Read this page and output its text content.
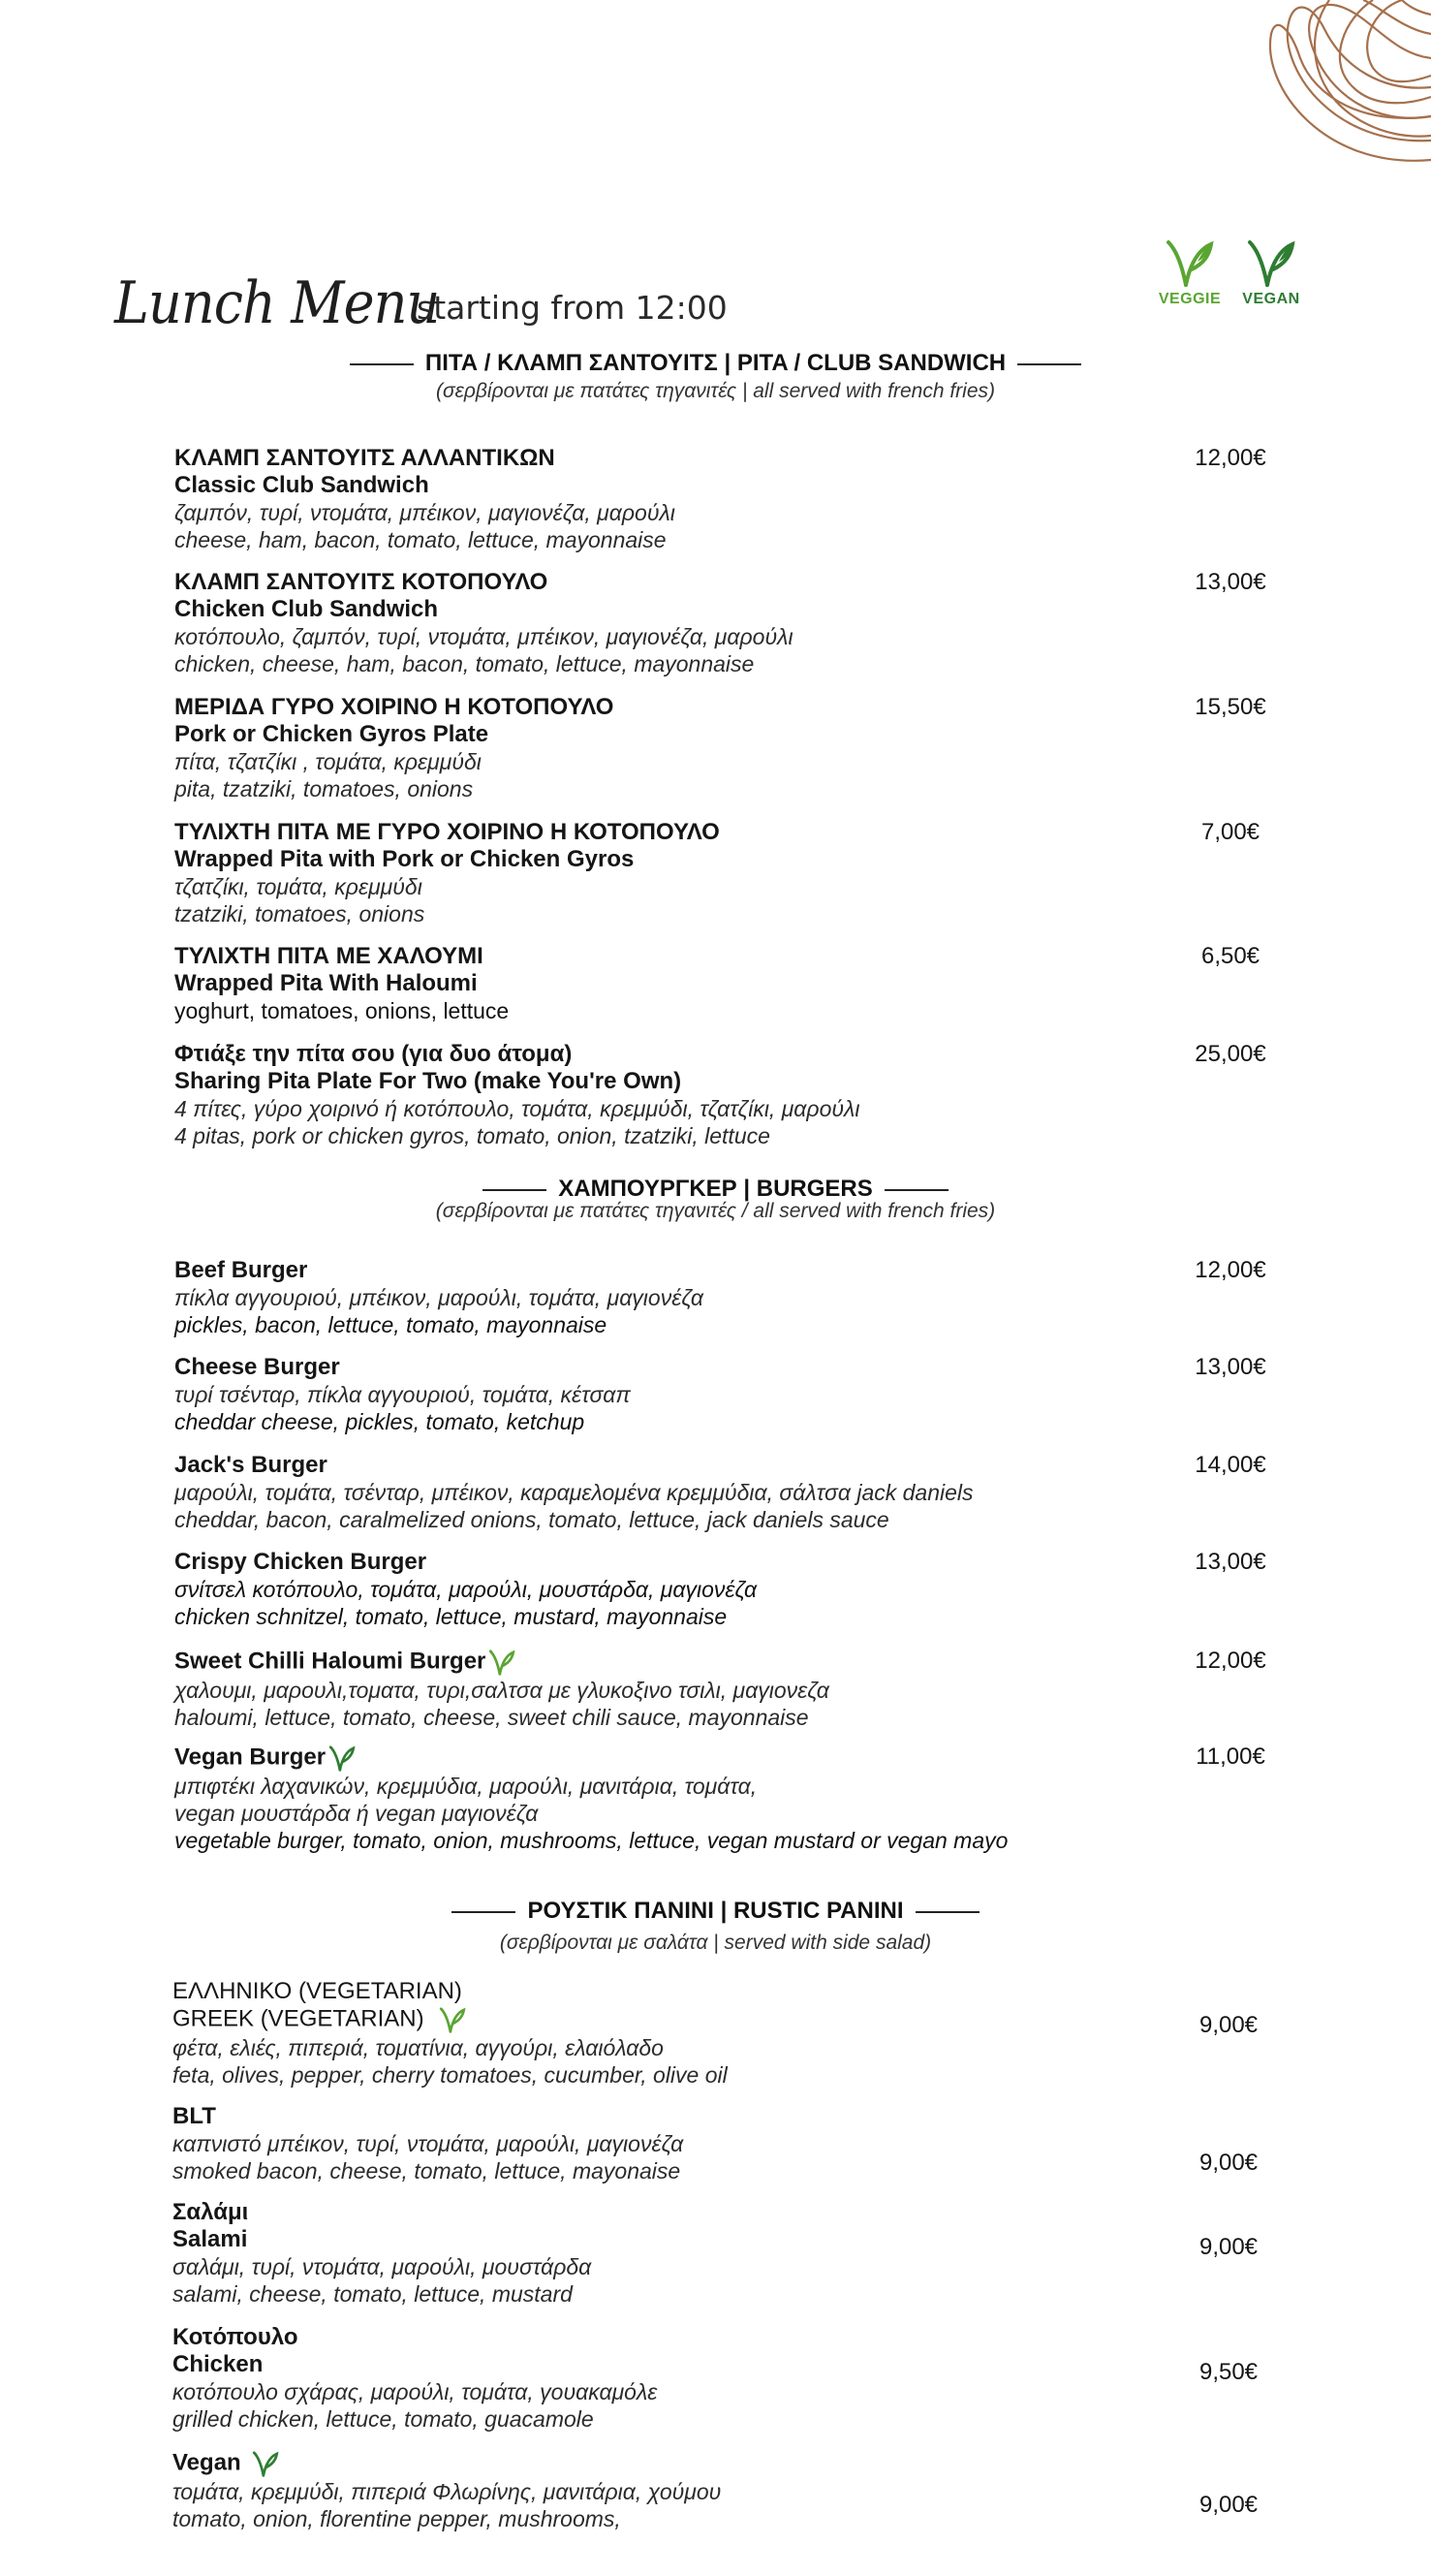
VEGGIE	VEGAN
Lunch Menu
starting from 12:00
ΠΙΤΑ / ΚΛΑΜΠ ΣΑΝΤΟΥΙΤΣ | PITA / CLUB SANDWICH
(σερβίρονται με πατάτες τηγανιτές | all served with french fries)
ΚΛΑΜΠ ΣΑΝΤΟΥΙΤΣ ΑΛΛΑΝΤΙΚΩΝ
Classic Club Sandwich
ζαμπόν, τυρί, ντομάτα, μπέικον, μαγιονέζα, μαρούλι
cheese, ham, bacon, tomato, lettuce, mayonnaise
12,00€
ΚΛΑΜΠ ΣΑΝΤΟΥΙΤΣ ΚΟΤΟΠΟΥΛΟ
Chicken Club Sandwich
κοτόπουλο, ζαμπόν, τυρί, ντομάτα, μπέικον, μαγιονέζα, μαρούλι
chicken, cheese, ham, bacon, tomato, lettuce, mayonnaise
13,00€
ΜΕΡΙΔΑ ΓΥΡΟ ΧΟΙΡΙΝΟ Η ΚΟΤΟΠΟΥΛΟ
Pork or Chicken Gyros Plate
πίτα, τζατζίκι , τομάτα, κρεμμύδι
pita, tzatziki, tomatoes, onions
15,50€
ΤΥΛΙΧΤΗ ΠΙΤΑ ΜΕ ΓΥΡΟ ΧΟΙΡΙΝΟ Η ΚΟΤΟΠΟΥΛΟ
Wrapped Pita with Pork or Chicken Gyros
τζατζίκι, τομάτα, κρεμμύδι
tzatziki, tomatoes, onions
7,00€
ΤΥΛΙΧΤΗ ΠΙΤΑ ΜΕ ΧΑΛΟΥΜΙ
Wrapped Pita With Haloumi
yoghurt, tomatoes, onions, lettuce
6,50€
Φτιάξε την πίτα σου (για δυο άτομα)
Sharing Pita Plate For Two (make You're Own)
4 πίτες, γύρο χοιρινό ή κοτόπουλο, τομάτα, κρεμμύδι, τζατζίκι, μαρούλι
4 pitas, pork or chicken gyros, tomato, onion, tzatziki, lettuce
25,00€
ΧΑΜΠΟΥΡΓΚΕΡ | BURGERS
(σερβίρονται με πατάτες τηγανιτές / all served with french fries)
Beef Burger
πίκλα αγγουριού, μπέικον, μαρούλι, τομάτα, μαγιονέζα
pickles, bacon, lettuce, tomato, mayonnaise
12,00€
Cheese Burger
τυρί τσένταρ, πίκλα αγγουριού, τομάτα, κέτσαπ
cheddar cheese, pickles, tomato, ketchup
13,00€
Jack's Burger
μαρούλι, τομάτα, τσένταρ, μπέικον, καραμελομένα κρεμμύδια, σάλτσα jack daniels
cheddar, bacon, caralmelized onions, tomato, lettuce, jack daniels sauce
14,00€
Crispy Chicken Burger
σνίτσελ κοτόπουλο, τομάτα, μαρούλι, μουστάρδα, μαγιονέζα
chicken schnitzel, tomato, lettuce, mustard, mayonnaise
13,00€
Sweet Chilli Haloumi Burger
χαλουμι, μαρουλι,τοματα, τυρι,σαλτσα με γλυκοξινο τσιλι, μαγιονεζα
haloumi, lettuce, tomato, cheese, sweet chili sauce, mayonnaise
12,00€
Vegan Burger
μπιφτέκι λαχανικών, κρεμμύδια, μαρούλι, μανιτάρια, τομάτα,
vegan μουστάρδα ή vegan μαγιονέζα
vegetable burger, tomato, onion, mushrooms, lettuce, vegan mustard or vegan mayo
11,00€
ΡΟΥΣΤΙΚ ΠΑΝΙΝΙ | RUSTIC PANINI
(σερβίρονται με σαλάτα | served with side salad)
ΕΛΛΗΝΙΚΟ (VEGETARIAN)
GREEK (VEGETARIAN)
φέτα, ελιές, πιπεριά, τοματίνια, αγγούρι, ελαιόλαδο
feta, olives, pepper, cherry tomatoes, cucumber, olive oil
9,00€
BLT
καπνιστό μπέικον, τυρί, ντομάτα, μαρούλι, μαγιονέζα
smoked bacon, cheese, tomato, lettuce, mayonaise	9,00€
Σαλάμι
Salami
σαλάμι, τυρί, ντομάτα, μαρούλι, μουστάρδα
salami, cheese, tomato, lettuce, mustard
9,00€
Κοτόπουλο
Chicken
κοτόπουλο σχάρας, μαρούλι, τομάτα, γουακαμόλε
grilled chicken, lettuce, tomato, guacamole
9,50€
Vegan
τομάτα, κρεμμύδι, πιπεριά Φλωρίνης, μανιτάρια, χούμου
tomato, onion, florentine pepper, mushrooms,
9,00€
